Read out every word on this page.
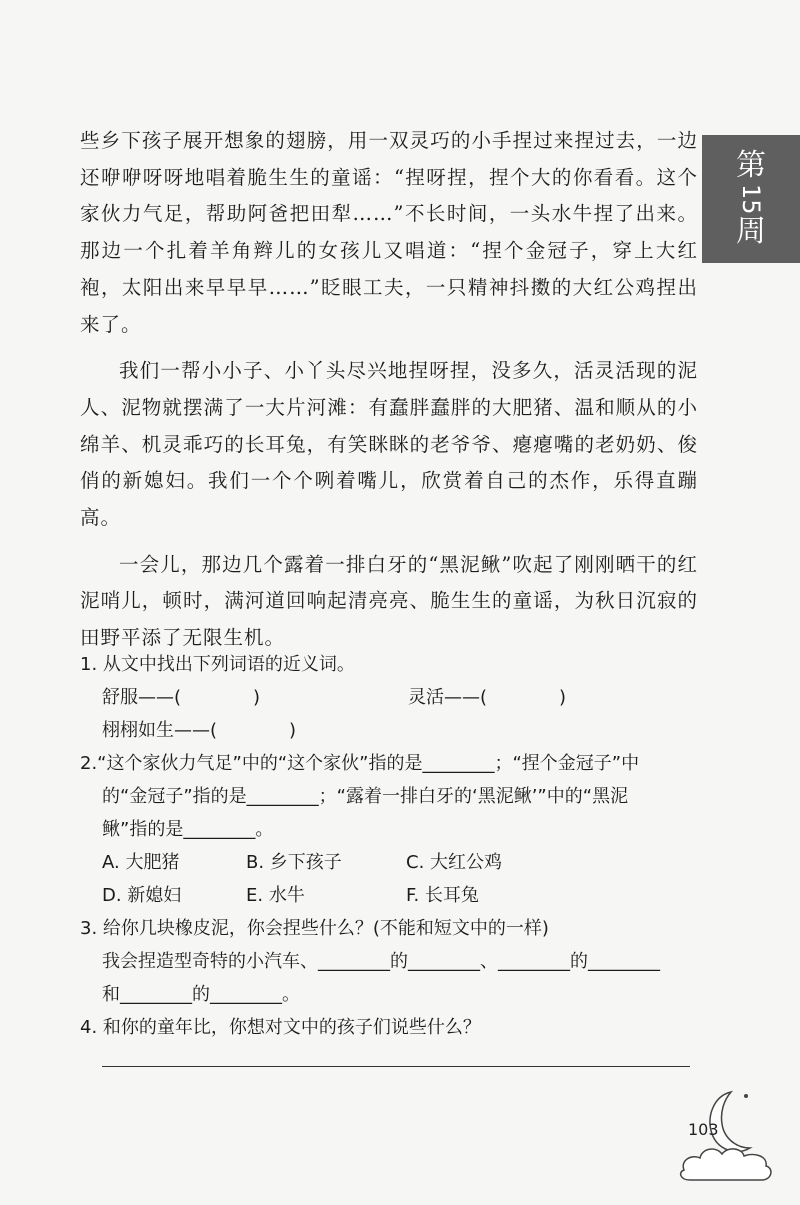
第
15
周

些乡下孩子展开想象的翅膀，用一双灵巧的小手捏过来捏过去，一边还咿咿呀呀地唱着脆生生的童谣：“捏呀捏，捏个大的你看看。这个家伙力气足，帮助阿爸把田犁……”不长时间，一头水牛捏了出来。那边一个扎着羊角辫儿的女孩儿又唱道：“捏个金冠子，穿上大红袍，太阳出来早早早……”眨眼工夫，一只精神抖擞的大红公鸡捏出来了。

我们一帮小小子、小丫头尽兴地捏呀捏，没多久，活灵活现的泥人、泥物就摆满了一大片河滩：有蠢胖蠢胖的大肥猪、温和顺从的小绵羊、机灵乖巧的长耳兔，有笑眯眯的老爷爷、瘪瘪嘴的老奶奶、俊俏的新媳妇。我们一个个咧着嘴儿，欣赏着自己的杰作，乐得直蹦高。

一会儿，那边几个露着一排白牙的“黑泥鳅”吹起了刚刚晒干的红泥哨儿，顿时，满河道回响起清亮亮、脆生生的童谣，为秋日沉寂的田野平添了无限生机。

1. 从文中找出下列词语的近义词。

舒服——(　　　　)	灵活——(　　　　)
栩栩如生——(　　　　)

2.“这个家伙力气足”中的“这个家伙”指的是________；“捏个金冠子”中

的“金冠子”指的是________；“露着一排白牙的‘黑泥鳅’”中的“黑泥

鳅”指的是________。

A. 大肥猪	B. 乡下孩子	C. 大红公鸡
D. 新媳妇	E. 水牛	F. 长耳兔

3. 给你几块橡皮泥，你会捏些什么？(不能和短文中的一样)

我会捏造型奇特的小汽车、________的________、________的________

和________的________。

4. 和你的童年比，你想对文中的孩子们说些什么？

103
